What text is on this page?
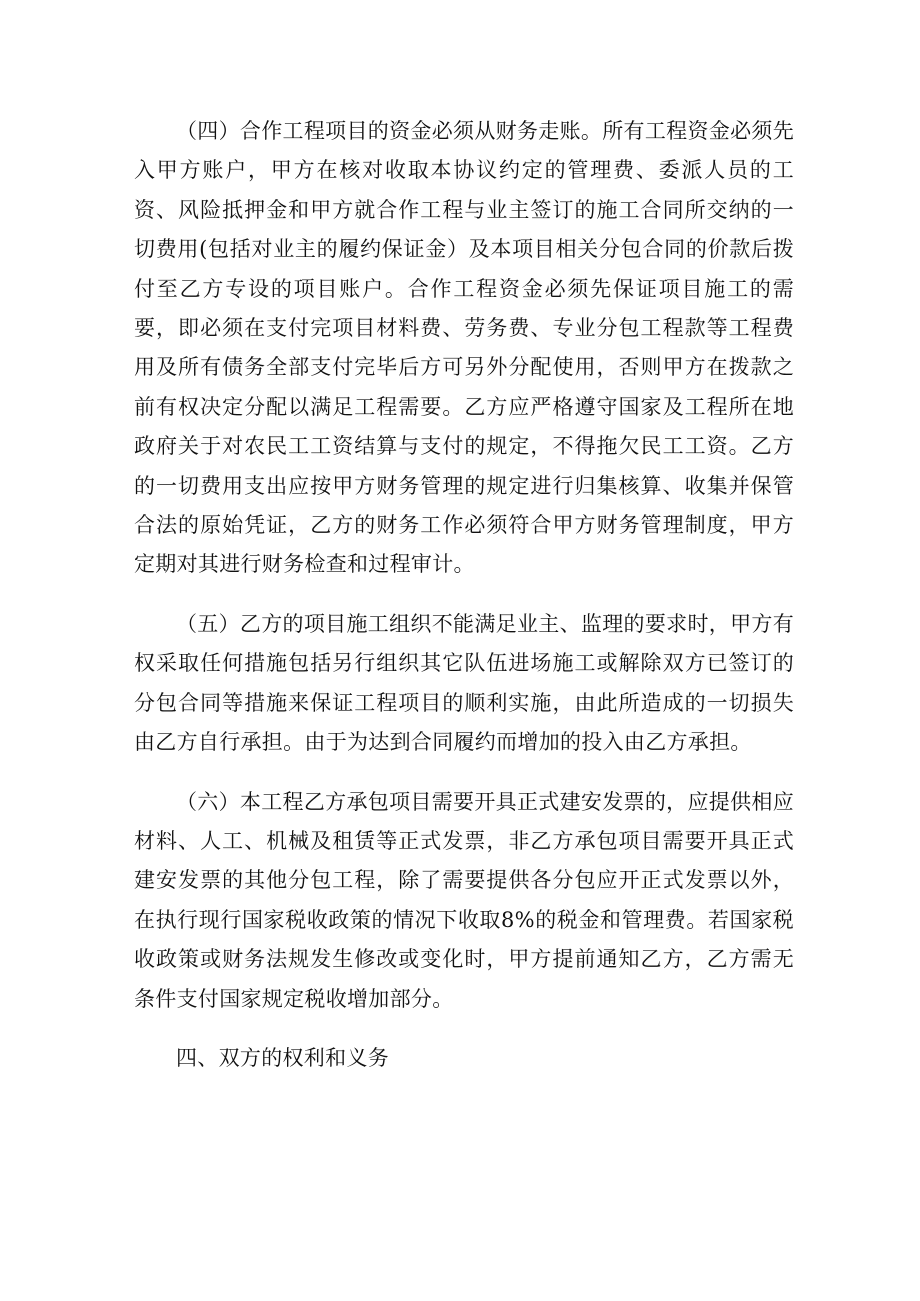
（四）合作工程项目的资金必须从财务走账。所有工程资金必须先入甲方账户，甲方在核对收取本协议约定的管理费、委派人员的工资、风险抵押金和甲方就合作工程与业主签订的施工合同所交纳的一切费用(包括对业主的履约保证金）及本项目相关分包合同的价款后拨付至乙方专设的项目账户。合作工程资金必须先保证项目施工的需要，即必须在支付完项目材料费、劳务费、专业分包工程款等工程费用及所有债务全部支付完毕后方可另外分配使用，否则甲方在拨款之前有权决定分配以满足工程需要。乙方应严格遵守国家及工程所在地政府关于对农民工工资结算与支付的规定，不得拖欠民工工资。乙方的一切费用支出应按甲方财务管理的规定进行归集核算、收集并保管合法的原始凭证，乙方的财务工作必须符合甲方财务管理制度，甲方定期对其进行财务检查和过程审计。

（五）乙方的项目施工组织不能满足业主、监理的要求时，甲方有权采取任何措施包括另行组织其它队伍进场施工或解除双方已签订的分包合同等措施来保证工程项目的顺利实施，由此所造成的一切损失由乙方自行承担。由于为达到合同履约而增加的投入由乙方承担。

（六）本工程乙方承包项目需要开具正式建安发票的，应提供相应材料、人工、机械及租赁等正式发票，非乙方承包项目需要开具正式建安发票的其他分包工程，除了需要提供各分包应开正式发票以外，在执行现行国家税收政策的情况下收取8%的税金和管理费。若国家税收政策或财务法规发生修改或变化时，甲方提前通知乙方，乙方需无条件支付国家规定税收增加部分。

四、双方的权利和义务
